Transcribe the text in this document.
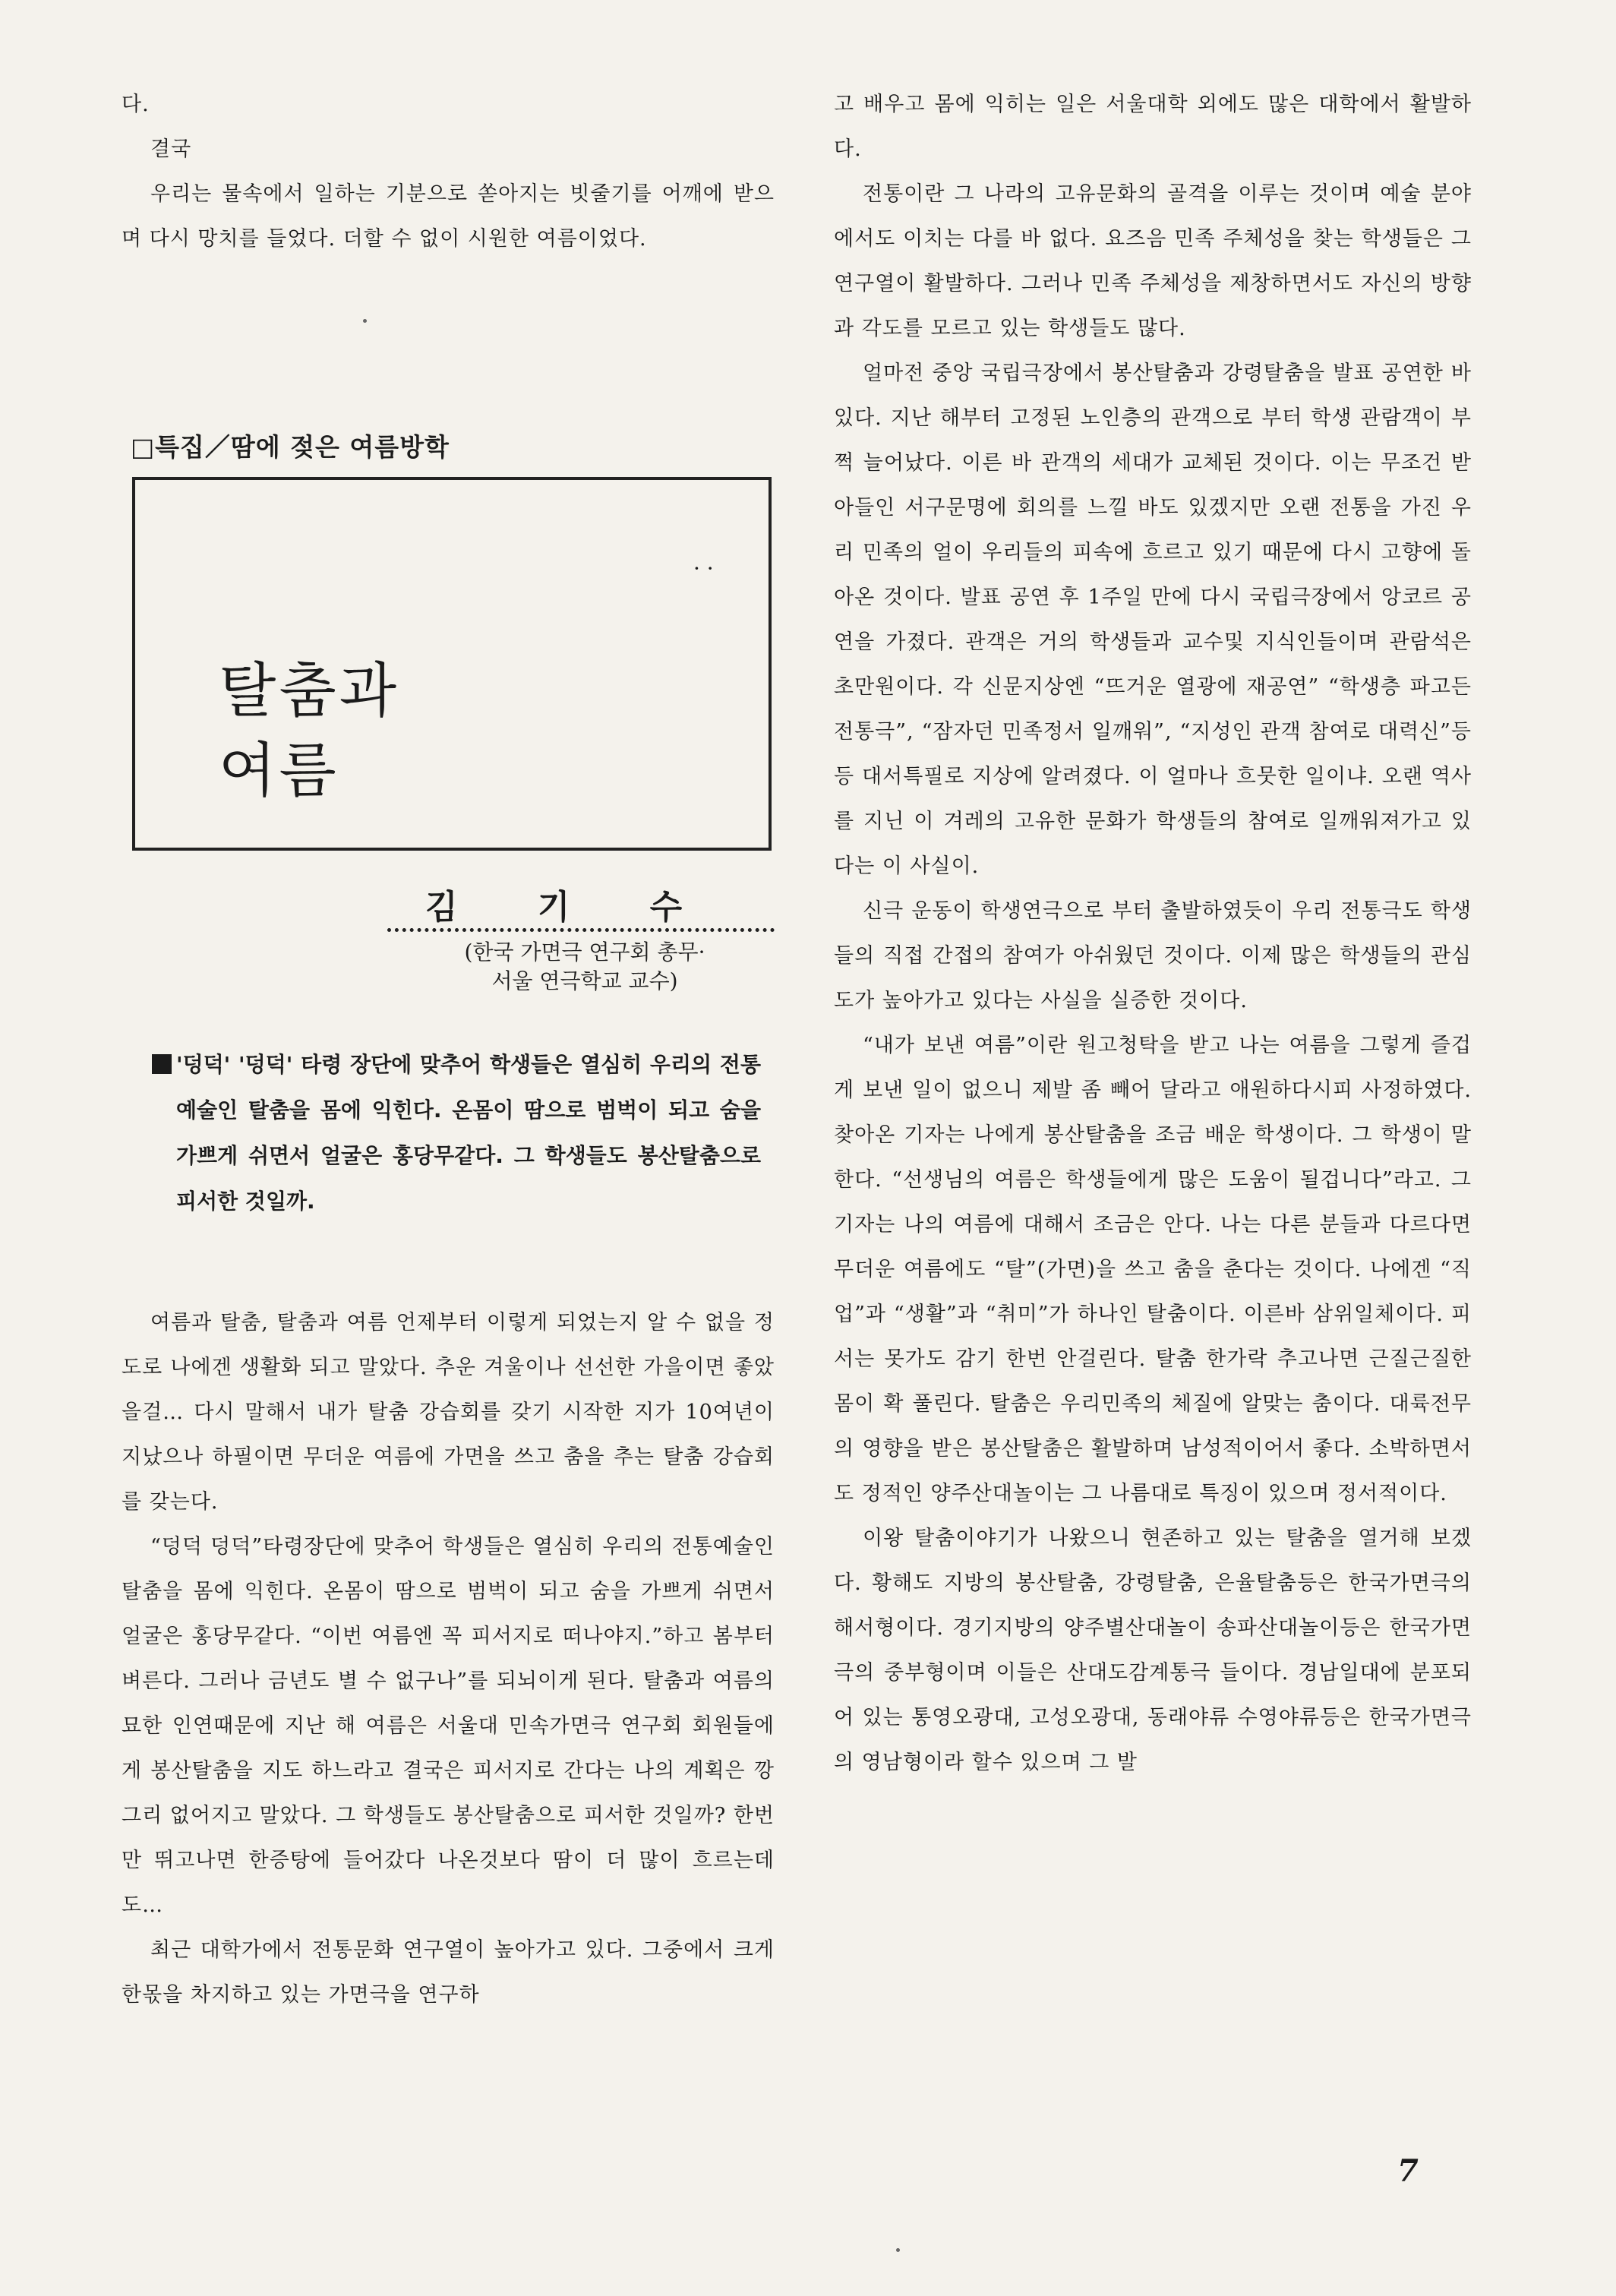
다.

결국

우리는 물속에서 일하는 기분으로 쏟아지는 빗줄기를 어깨에 받으며 다시 망치를 들었다. 더할 수 없이 시원한 여름이었다.

□특집／땀에 젖은 여름방학
· ·
탈춤과
여름
김 기 수
(한국 가면극 연구회 총무·
서울 연극학교 교수)
'덩덕' '덩덕' 타령 장단에 맞추어 학생들은 열심히 우리의 전통 예술인 탈춤을 몸에 익힌다. 온몸이 땀으로 범벅이 되고 숨을 가쁘게 쉬면서 얼굴은 홍당무같다. 그 학생들도 봉산탈춤으로 피서한 것일까.

여름과 탈춤, 탈춤과 여름 언제부터 이렇게 되었는지 알 수 없을 정도로 나에겐 생활화 되고 말았다. 추운 겨울이나 선선한 가을이면 좋았을걸… 다시 말해서 내가 탈춤 강습회를 갖기 시작한 지가 10여년이 지났으나 하필이면 무더운 여름에 가면을 쓰고 춤을 추는 탈춤 강습회를 갖는다.

“덩덕 덩덕”타령장단에 맞추어 학생들은 열심히 우리의 전통예술인 탈춤을 몸에 익힌다. 온몸이 땀으로 범벅이 되고 숨을 가쁘게 쉬면서 얼굴은 홍당무같다. “이번 여름엔 꼭 피서지로 떠나야지.”하고 봄부터 벼른다. 그러나 금년도 별 수 없구나”를 되뇌이게 된다. 탈춤과 여름의 묘한 인연때문에 지난 해 여름은 서울대 민속가면극 연구회 회원들에게 봉산탈춤을 지도 하느라고 결국은 피서지로 간다는 나의 계획은 깡그리 없어지고 말았다. 그 학생들도 봉산탈춤으로 피서한 것일까? 한번만 뛰고나면 한증탕에 들어갔다 나온것보다 땀이 더 많이 흐르는데도…

최근 대학가에서 전통문화 연구열이 높아가고 있다. 그중에서 크게 한몫을 차지하고 있는 가면극을 연구하

고 배우고 몸에 익히는 일은 서울대학 외에도 많은 대학에서 활발하다.

전통이란 그 나라의 고유문화의 골격을 이루는 것이며 예술 분야에서도 이치는 다를 바 없다. 요즈음 민족 주체성을 찾는 학생들은 그 연구열이 활발하다. 그러나 민족 주체성을 제창하면서도 자신의 방향과 각도를 모르고 있는 학생들도 많다.

얼마전 중앙 국립극장에서 봉산탈춤과 강령탈춤을 발표 공연한 바 있다. 지난 해부터 고정된 노인층의 관객으로 부터 학생 관람객이 부쩍 늘어났다. 이른 바 관객의 세대가 교체된 것이다. 이는 무조건 받아들인 서구문명에 회의를 느낄 바도 있겠지만 오랜 전통을 가진 우리 민족의 얼이 우리들의 피속에 흐르고 있기 때문에 다시 고향에 돌아온 것이다. 발표 공연 후 1주일 만에 다시 국립극장에서 앙코르 공연을 가졌다. 관객은 거의 학생들과 교수및 지식인들이며 관람석은 초만원이다. 각 신문지상엔 “뜨거운 열광에 재공연” “학생층 파고든 전통극”, “잠자던 민족정서 일깨워”, “지성인 관객 참여로 대력신”등등 대서특필로 지상에 알려졌다. 이 얼마나 흐뭇한 일이냐. 오랜 역사를 지닌 이 겨레의 고유한 문화가 학생들의 참여로 일깨워져가고 있다는 이 사실이.

신극 운동이 학생연극으로 부터 출발하였듯이 우리 전통극도 학생들의 직접 간접의 참여가 아쉬웠던 것이다. 이제 많은 학생들의 관심도가 높아가고 있다는 사실을 실증한 것이다.

“내가 보낸 여름”이란 원고청탁을 받고 나는 여름을 그렇게 즐겁게 보낸 일이 없으니 제발 좀 빼어 달라고 애원하다시피 사정하였다. 찾아온 기자는 나에게 봉산탈춤을 조금 배운 학생이다. 그 학생이 말한다. “선생님의 여름은 학생들에게 많은 도움이 될겁니다”라고. 그 기자는 나의 여름에 대해서 조금은 안다. 나는 다른 분들과 다르다면 무더운 여름에도 “탈”(가면)을 쓰고 춤을 춘다는 것이다. 나에겐 “직업”과 “생활”과 “취미”가 하나인 탈춤이다. 이른바 삼위일체이다. 피서는 못가도 감기 한번 안걸린다. 탈춤 한가락 추고나면 근질근질한 몸이 확 풀린다. 탈춤은 우리민족의 체질에 알맞는 춤이다. 대륙전무의 영향을 받은 봉산탈춤은 활발하며 남성적이어서 좋다. 소박하면서도 정적인 양주산대놀이는 그 나름대로 특징이 있으며 정서적이다.

이왕 탈춤이야기가 나왔으니 현존하고 있는 탈춤을 열거해 보겠다. 황해도 지방의 봉산탈춤, 강령탈춤, 은율탈춤등은 한국가면극의 해서형이다. 경기지방의 양주별산대놀이 송파산대놀이등은 한국가면극의 중부형이며 이들은 산대도감계통극 들이다. 경남일대에 분포되어 있는 통영오광대, 고성오광대, 동래야류 수영야류등은 한국가면극의 영남형이라 할수 있으며 그 발

7
